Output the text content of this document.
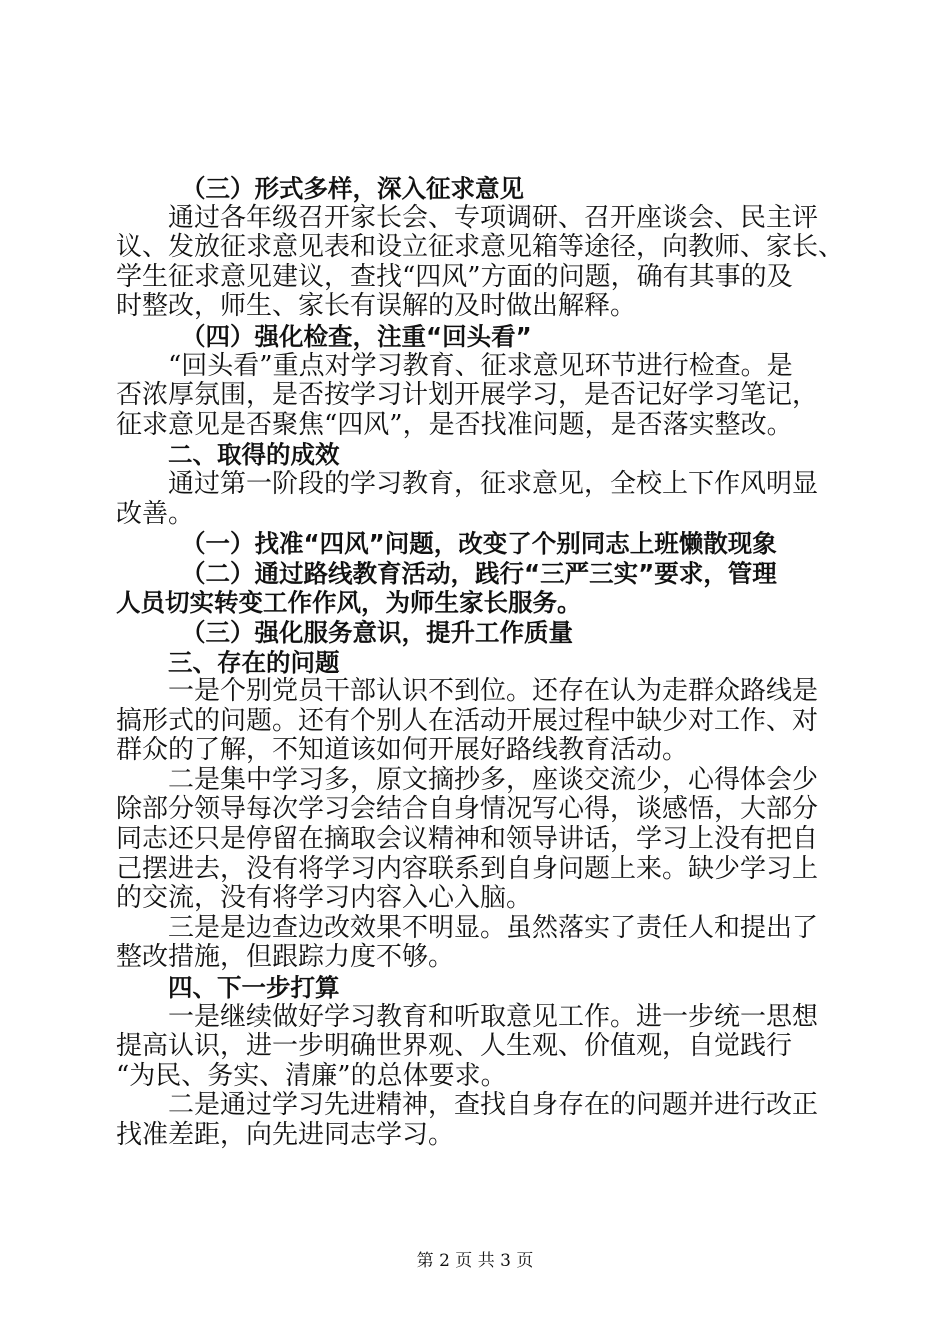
（三）形式多样，深入征求意见
通过各年级召开家长会、专项调研、召开座谈会、民主评
议、发放征求意见表和设立征求意见箱等途径，向教师、家长、
学生征求意见建议，查找“四风”方面的问题，确有其事的及
时整改，师生、家长有误解的及时做出解释。
（四）强化检查，注重“回头看”
“回头看”重点对学习教育、征求意见环节进行检查。是
否浓厚氛围，是否按学习计划开展学习，是否记好学习笔记，
征求意见是否聚焦“四风”，是否找准问题，是否落实整改。
二、取得的成效
通过第一阶段的学习教育，征求意见，全校上下作风明显
改善。
（一）找准“四风”问题，改变了个别同志上班懒散现象
（二）通过路线教育活动，践行“三严三实”要求，管理
人员切实转变工作作风，为师生家长服务。
（三）强化服务意识，提升工作质量
三、存在的问题
一是个别党员干部认识不到位。还存在认为走群众路线是
搞形式的问题。还有个别人在活动开展过程中缺少对工作、对
群众的了解，不知道该如何开展好路线教育活动。
二是集中学习多，原文摘抄多，座谈交流少，心得体会少
除部分领导每次学习会结合自身情况写心得，谈感悟，大部分
同志还只是停留在摘取会议精神和领导讲话，学习上没有把自
己摆进去，没有将学习内容联系到自身问题上来。缺少学习上
的交流，没有将学习内容入心入脑。
三是是边查边改效果不明显。虽然落实了责任人和提出了
整改措施，但跟踪力度不够。
四、下一步打算
一是继续做好学习教育和听取意见工作。进一步统一思想
提高认识，进一步明确世界观、人生观、价值观，自觉践行
“为民、务实、清廉”的总体要求。
二是通过学习先进精神，查找自身存在的问题并进行改正
找准差距，向先进同志学习。
第 2 页 共 3 页
